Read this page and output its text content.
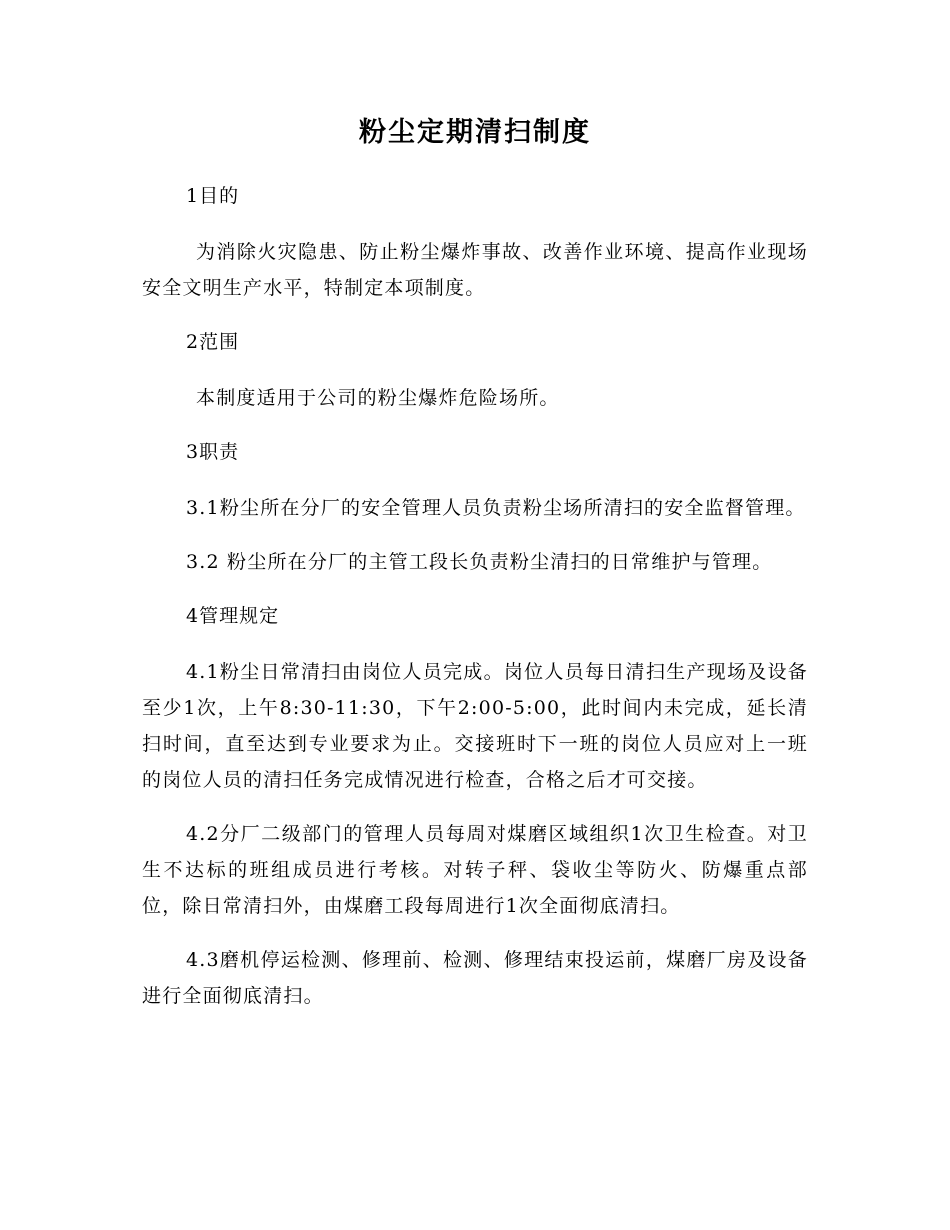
粉尘定期清扫制度

1目的

为消除火灾隐患、防止粉尘爆炸事故、改善作业环境、提高作业现场安全文明生产水平，特制定本项制度。

2范围

本制度适用于公司的粉尘爆炸危险场所。

3职责

3.1粉尘所在分厂的安全管理人员负责粉尘场所清扫的安全监督管理。

3.2 粉尘所在分厂的主管工段长负责粉尘清扫的日常维护与管理。

4管理规定

4.1粉尘日常清扫由岗位人员完成。岗位人员每日清扫生产现场及设备至少1次，上午8:30-11:30，下午2:00-5:00，此时间内未完成，延长清扫时间，直至达到专业要求为止。交接班时下一班的岗位人员应对上一班的岗位人员的清扫任务完成情况进行检查，合格之后才可交接。

4.2分厂二级部门的管理人员每周对煤磨区域组织1次卫生检查。对卫生不达标的班组成员进行考核。对转子秤、袋收尘等防火、防爆重点部位，除日常清扫外，由煤磨工段每周进行1次全面彻底清扫。

4.3磨机停运检测、修理前、检测、修理结束投运前，煤磨厂房及设备进行全面彻底清扫。
